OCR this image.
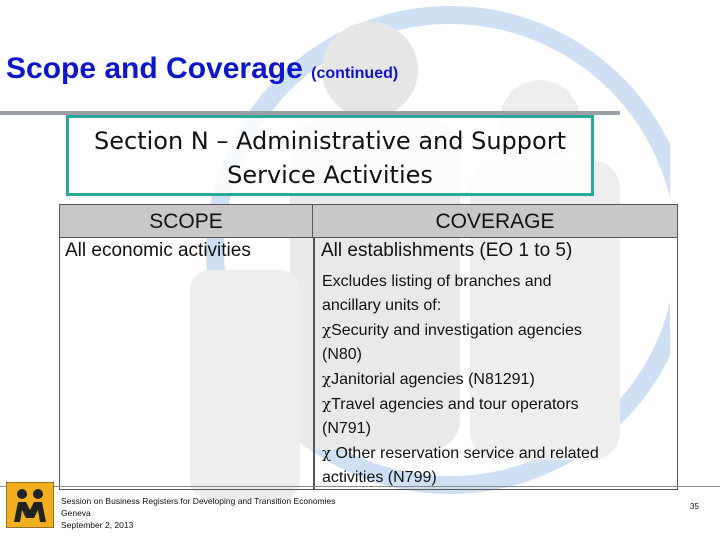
Scope and Coverage (continued)
Section N – Administrative and Support
Service Activities
SCOPE	COVERAGE
All economic activities	All establishments (EO 1 to 5)
Excludes listing of branches and
ancillary units of:
χSecurity and investigation agencies
(N80)
χJanitorial agencies (N81291)
χTravel agencies and tour operators
(N791)
χ Other reservation service and related
activities (N799)
Session on Business Registers for Developing and Transition Economies
Geneva
September 2, 2013
35
